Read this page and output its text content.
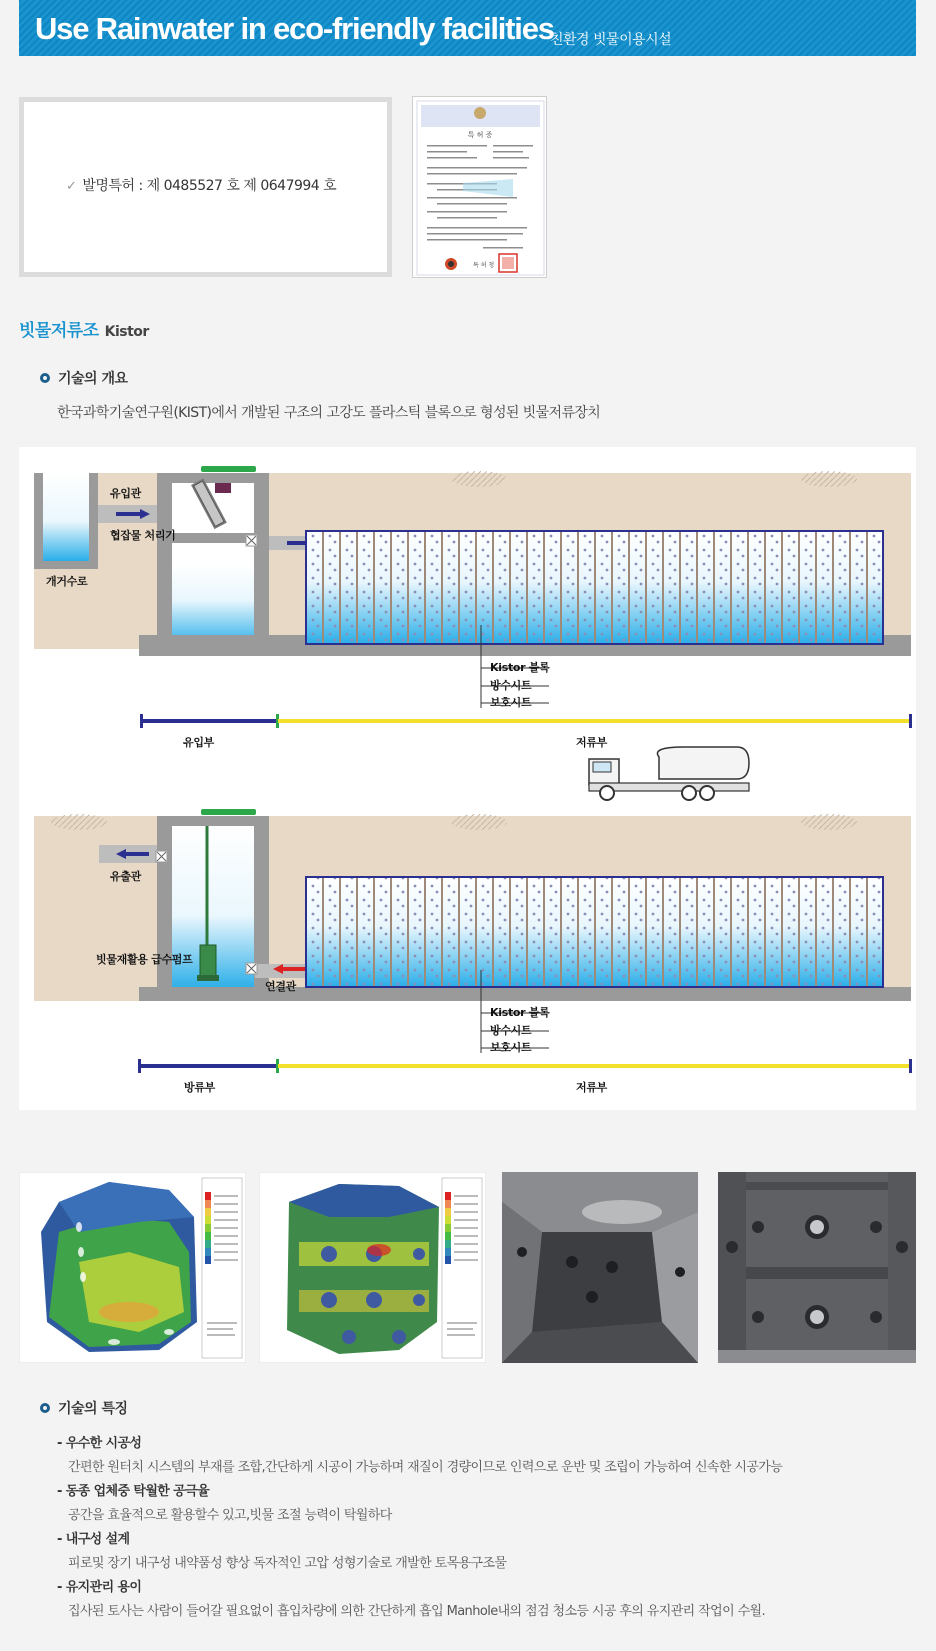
Use Rainwater in eco-friendly facilities
친환경 빗물이용시설
✓ 발명특허 : 제 0485527 호 제 0647994 호
특 허 증
특 허 청
빗물저류조 Kistor
기술의 개요
한국과학기술연구원(KIST)에서 개발된 구조의 고강도 플라스틱 블록으로 형성된 빗물저류장치
유입관
협잡물 처리기
개거수로
Kistor 블록
방수시트
보호시트
유입부	저류부
유출관
빗물재활용 급수펌프
연결관
Kistor 블록
방수시트
보호시트
방류부	저류부
기술의 특징
- 우수한 시공성
간편한 원터치 시스템의 부재를 조합,간단하게 시공이 가능하며 재질이 경량이므로 인력으로 운반 및 조립이 가능하여 신속한 시공가능
- 동종 업체중 탁월한 공극율
공간을 효율적으로 활용할수 있고,빗물 조절 능력이 탁월하다
- 내구성 설계
피로및 장기 내구성 내약품성 향상 독자적인 고압 성형기술로 개발한 토목용구조물
- 유지관리 용이
집사된 토사는 사람이 들어갈 필요없이 흡입차량에 의한 간단하게 흡입 Manhole내의 점검 청소등 시공 후의 유지관리 작업이 수월.
